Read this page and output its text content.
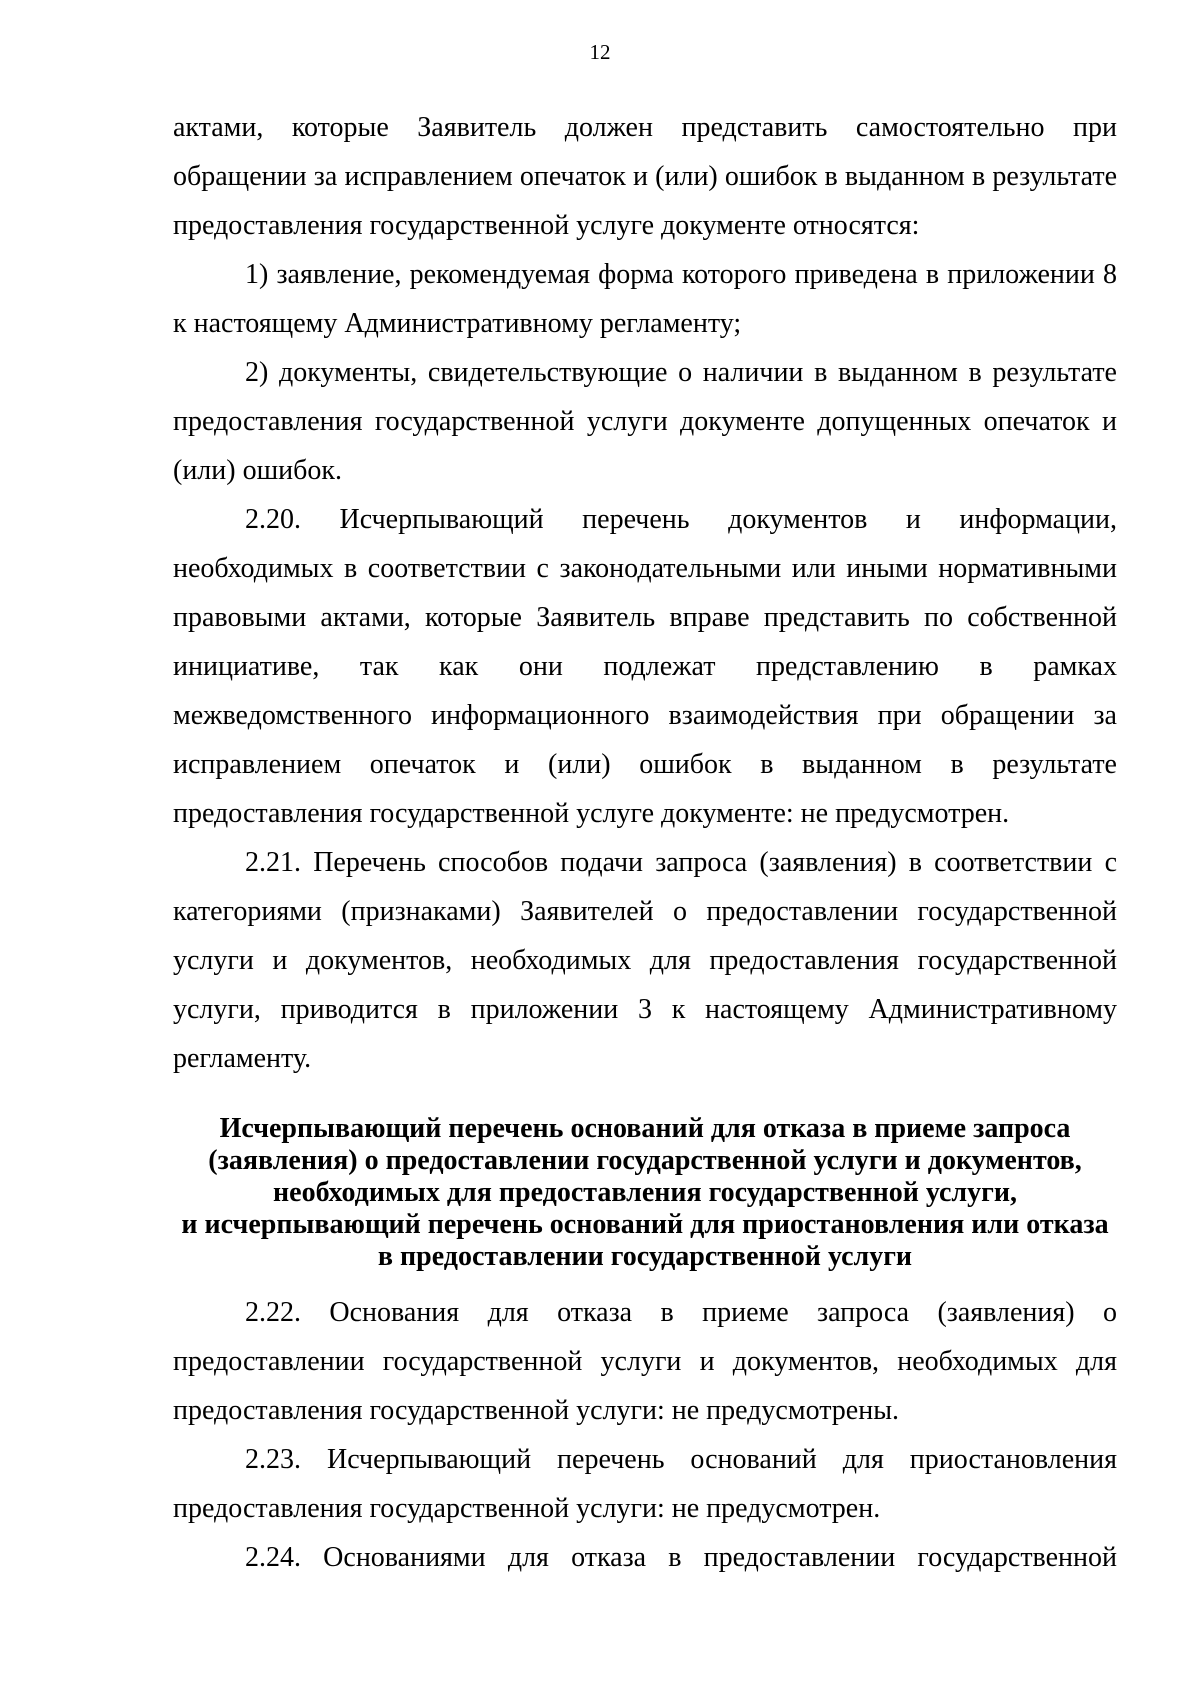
12

актами, которые Заявитель должен представить самостоятельно при обращении за исправлением опечаток и (или) ошибок в выданном в результате предоставления государственной услуге документе относятся:

1) заявление, рекомендуемая форма которого приведена в приложении 8 к настоящему Административному регламенту;

2) документы, свидетельствующие о наличии в выданном в результате предоставления государственной услуги документе допущенных опечаток и (или) ошибок.

2.20. Исчерпывающий перечень документов и информации, необходимых в соответствии с законодательными или иными нормативными правовыми актами, которые Заявитель вправе представить по собственной инициативе, так как они подлежат представлению в рамках межведомственного информационного взаимодействия при обращении за исправлением опечаток и (или) ошибок в выданном в результате предоставления государственной услуге документе: не предусмотрен.

2.21. Перечень способов подачи запроса (заявления) в соответствии с категориями (признаками) Заявителей о предоставлении государственной услуги и документов, необходимых для предоставления государственной услуги, приводится в приложении 3 к настоящему Административному регламенту.

Исчерпывающий перечень оснований для отказа в приеме запроса
(заявления) о предоставлении государственной услуги и документов,
необходимых для предоставления государственной услуги,
и исчерпывающий перечень оснований для приостановления или отказа
в предоставлении государственной услуги

2.22. Основания для отказа в приеме запроса (заявления) о предоставлении государственной услуги и документов, необходимых для предоставления государственной услуги: не предусмотрены.

2.23. Исчерпывающий перечень оснований для приостановления предоставления государственной услуги: не предусмотрен.

2.24. Основаниями для отказа в предоставлении государственной
